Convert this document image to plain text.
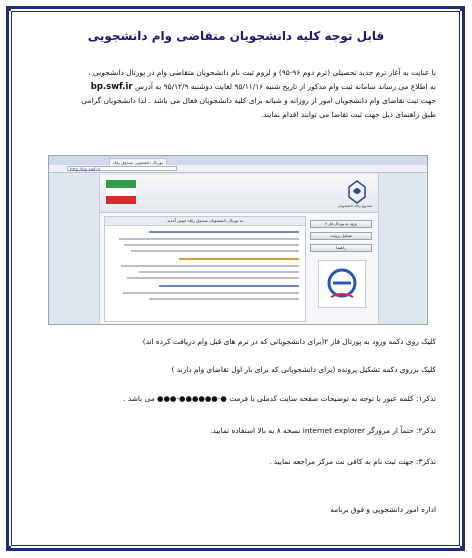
قابل توجه کلیه دانشجویان متقاضی وام دانشجویی
با عنایت به آغاز ترم جدید تحصیلی (ترم دوم ۹۶-۹۵) و لزوم ثبت نام دانشجویان متقاضی وام در پورتال دانشجویی ،
به اطلاع می رساند سامانه ثبت وام مذکور از تاریخ شنبه ۹۵/۱۱/۱۶ لغایت دوشنبه ۹۵/۱۲/۹ به آدرس bp.swf.ir
جهت ثبت تقاضای وام دانشجویان امور از روزانه و شبانه برای کلیه دانشجویان فعال می باشد . لذا دانشجویان گرامی
طبق راهنمای ذیل جهت ثبت تقاضا می توانند اقدام نمایند.
پورتال دانشجویی صندوق رفاه
http://bp.swf.ir/
صندوق رفاه دانشجویان
به پورتال دانشجویان صندوق رفاه خوش آمدید
ورود به پورتال فاز ۲
تشکیل پرونده
راهنما
کلیک روی دکمه ورود به پورتال فاز ۲(برای دانشجویانی که در ترم های قبل وام دریافت کرده اند)
کلیک برروی دکمه تشکیل پرونده (برای دانشجویانی که برای بار اول تقاضای وام دارند )
تذکر۱: کلمه عبور با توجه به توضیحات صفحه سایت کدملی با فرمت ●-●●●●●●-●●● می باشد .
تذکر۲: حتماً از مرورگر internet explorer نسخه ۸ به بالا استفاده نمایید.
تذکر۳: جهت ثبت نام به کافی نت مرکز مراجعه نمایید .
اداره امور دانشجویی و فوق برنامه
